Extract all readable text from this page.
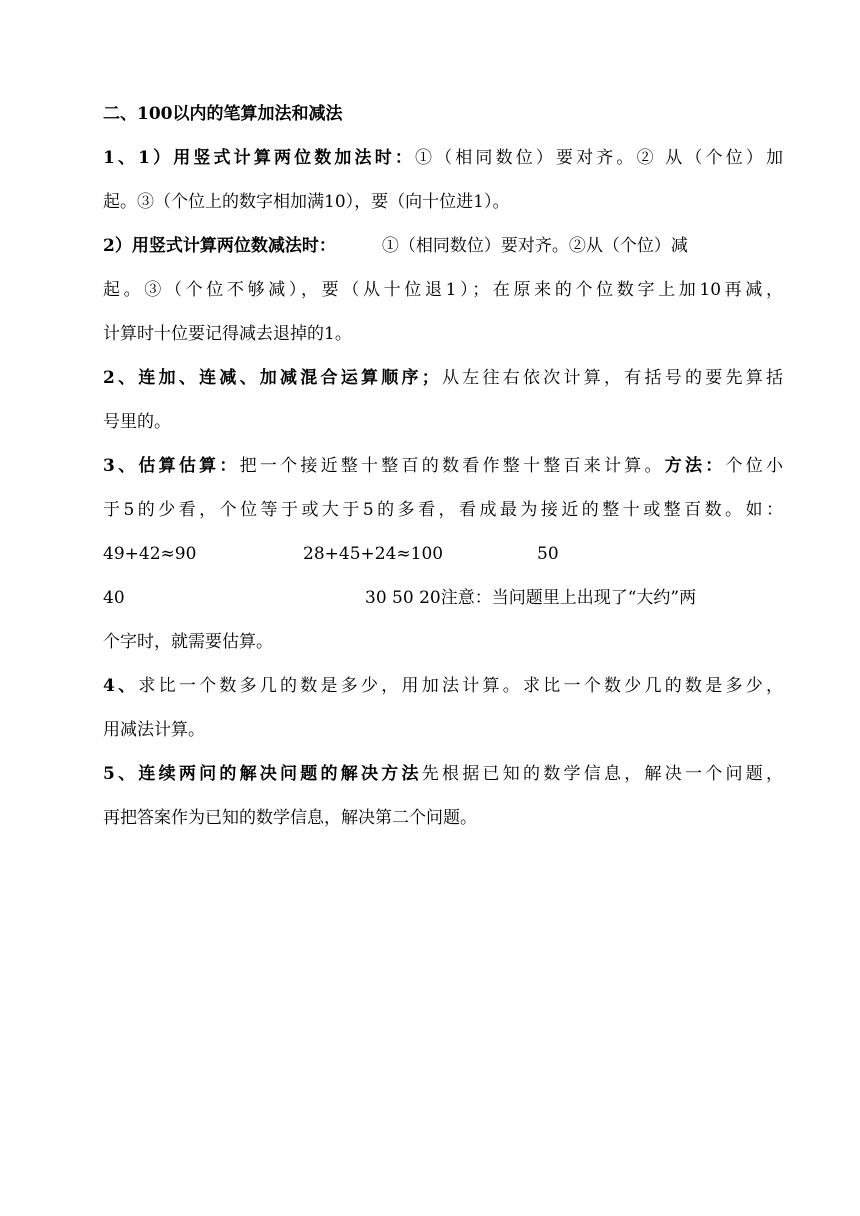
二、100以内的笔算加法和减法
1、1）用竖式计算两位数加法时：①（相同数位）要对齐。② 从（个位）加
起。③（个位上的数字相加满10），要（向十位进1）。
2）用竖式计算两位数减法时：	①（相同数位）要对齐。②从（个位）减
起。③（个位不够减），要（从十位退1）；在原来的个位数字上加10再减，
计算时十位要记得减去退掉的1。
2、连加、连减、加减混合运算顺序；从左往右依次计算，有括号的要先算括
号里的。
3、估算估算：把一个接近整十整百的数看作整十整百来计算。方法：个位小
于5的少看，个位等于或大于5的多看，看成最为接近的整十或整百数。如：
49+42≈90	28+45+24≈100	50
40	30 50 20注意：当问题里上出现了“大约”两
个字时，就需要估算。
4、求比一个数多几的数是多少，用加法计算。求比一个数少几的数是多少，
用减法计算。
5、连续两问的解决问题的解决方法先根据已知的数学信息，解决一个问题，
再把答案作为已知的数学信息，解决第二个问题。
